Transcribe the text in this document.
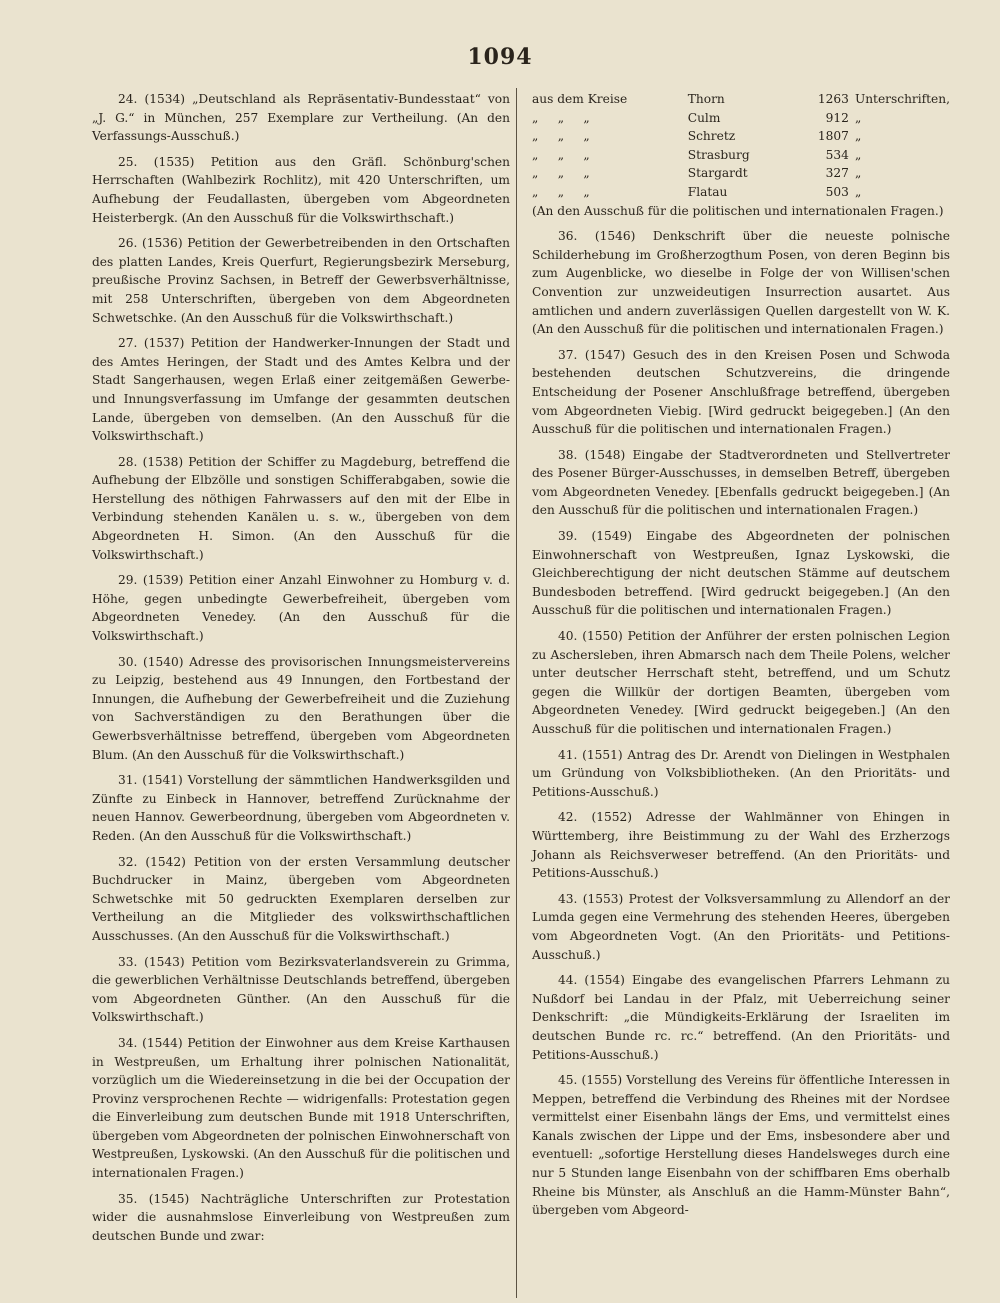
1094

24. (1534) „Deutschland als Repräsentativ-Bundesstaat“ von „J. G.“ in München, 257 Exemplare zur Vertheilung. (An den Verfassungs-Ausschuß.)

25. (1535) Petition aus den Gräfl. Schönburg'schen Herrschaften (Wahlbezirk Rochlitz), mit 420 Unterschriften, um Aufhebung der Feudallasten, übergeben vom Abgeordneten Heisterbergk. (An den Ausschuß für die Volkswirthschaft.)

26. (1536) Petition der Gewerbetreibenden in den Ortschaften des platten Landes, Kreis Querfurt, Regierungsbezirk Merseburg, preußische Provinz Sachsen, in Betreff der Gewerbsverhältnisse, mit 258 Unterschriften, übergeben von dem Abgeordneten Schwetschke. (An den Ausschuß für die Volkswirthschaft.)

27. (1537) Petition der Handwerker-Innungen der Stadt und des Amtes Heringen, der Stadt und des Amtes Kelbra und der Stadt Sangerhausen, wegen Erlaß einer zeitgemäßen Gewerbe- und Innungsverfassung im Umfange der gesammten deutschen Lande, übergeben von demselben. (An den Ausschuß für die Volkswirthschaft.)

28. (1538) Petition der Schiffer zu Magdeburg, betreffend die Aufhebung der Elbzölle und sonstigen Schifferabgaben, sowie die Herstellung des nöthigen Fahrwassers auf den mit der Elbe in Verbindung stehenden Kanälen u. s. w., übergeben von dem Abgeordneten H. Simon. (An den Ausschuß für die Volkswirthschaft.)

29. (1539) Petition einer Anzahl Einwohner zu Homburg v. d. Höhe, gegen unbedingte Gewerbefreiheit, übergeben vom Abgeordneten Venedey. (An den Ausschuß für die Volkswirthschaft.)

30. (1540) Adresse des provisorischen Innungsmeistervereins zu Leipzig, bestehend aus 49 Innungen, den Fortbestand der Innungen, die Aufhebung der Gewerbefreiheit und die Zuziehung von Sachverständigen zu den Berathungen über die Gewerbsverhältnisse betreffend, übergeben vom Abgeordneten Blum. (An den Ausschuß für die Volkswirthschaft.)

31. (1541) Vorstellung der sämmtlichen Handwerksgilden und Zünfte zu Einbeck in Hannover, betreffend Zurücknahme der neuen Hannov. Gewerbeordnung, übergeben vom Abgeordneten v. Reden. (An den Ausschuß für die Volkswirthschaft.)

32. (1542) Petition von der ersten Versammlung deutscher Buchdrucker in Mainz, übergeben vom Abgeordneten Schwetschke mit 50 gedruckten Exemplaren derselben zur Vertheilung an die Mitglieder des volkswirthschaftlichen Ausschusses. (An den Ausschuß für die Volkswirthschaft.)

33. (1543) Petition vom Bezirksvaterlandsverein zu Grimma, die gewerblichen Verhältnisse Deutschlands betreffend, übergeben vom Abgeordneten Günther. (An den Ausschuß für die Volkswirthschaft.)

34. (1544) Petition der Einwohner aus dem Kreise Karthausen in Westpreußen, um Erhaltung ihrer polnischen Nationalität, vorzüglich um die Wiedereinsetzung in die bei der Occupation der Provinz versprochenen Rechte — widrigenfalls: Protestation gegen die Einverleibung zum deutschen Bunde mit 1918 Unterschriften, übergeben vom Abgeordneten der polnischen Einwohnerschaft von Westpreußen, Lyskowski. (An den Ausschuß für die politischen und internationalen Fragen.)

35. (1545) Nachträgliche Unterschriften zur Protestation wider die ausnahmslose Einverleibung von Westpreußen zum deutschen Bunde und zwar:

aus dem Kreise	Thorn	1263	Unterschriften,
„ „ „	Culm	912	„
„ „ „	Schretz	1807	„
„ „ „	Strasburg	534	„
„ „ „	Stargardt	327	„
„ „ „	Flatau	503	„

(An den Ausschuß für die politischen und internationalen Fragen.)

36. (1546) Denkschrift über die neueste polnische Schilderhebung im Großherzogthum Posen, von deren Beginn bis zum Augenblicke, wo dieselbe in Folge der von Willisen'schen Convention zur unzweideutigen Insurrection ausartet. Aus amtlichen und andern zuverlässigen Quellen dargestellt von W. K. (An den Ausschuß für die politischen und internationalen Fragen.)

37. (1547) Gesuch des in den Kreisen Posen und Schwoda bestehenden deutschen Schutzvereins, die dringende Entscheidung der Posener Anschlußfrage betreffend, übergeben vom Abgeordneten Viebig. [Wird gedruckt beigegeben.] (An den Ausschuß für die politischen und internationalen Fragen.)

38. (1548) Eingabe der Stadtverordneten und Stellvertreter des Posener Bürger-Ausschusses, in demselben Betreff, übergeben vom Abgeordneten Venedey. [Ebenfalls gedruckt beigegeben.] (An den Ausschuß für die politischen und internationalen Fragen.)

39. (1549) Eingabe des Abgeordneten der polnischen Einwohnerschaft von Westpreußen, Ignaz Lyskowski, die Gleichberechtigung der nicht deutschen Stämme auf deutschem Bundesboden betreffend. [Wird gedruckt beigegeben.] (An den Ausschuß für die politischen und internationalen Fragen.)

40. (1550) Petition der Anführer der ersten polnischen Legion zu Aschersleben, ihren Abmarsch nach dem Theile Polens, welcher unter deutscher Herrschaft steht, betreffend, und um Schutz gegen die Willkür der dortigen Beamten, übergeben vom Abgeordneten Venedey. [Wird gedruckt beigegeben.] (An den Ausschuß für die politischen und internationalen Fragen.)

41. (1551) Antrag des Dr. Arendt von Dielingen in Westphalen um Gründung von Volksbibliotheken. (An den Prioritäts- und Petitions-Ausschuß.)

42. (1552) Adresse der Wahlmänner von Ehingen in Württemberg, ihre Beistimmung zu der Wahl des Erzherzogs Johann als Reichsverweser betreffend. (An den Prioritäts- und Petitions-Ausschuß.)

43. (1553) Protest der Volksversammlung zu Allendorf an der Lumda gegen eine Vermehrung des stehenden Heeres, übergeben vom Abgeordneten Vogt. (An den Prioritäts- und Petitions-Ausschuß.)

44. (1554) Eingabe des evangelischen Pfarrers Lehmann zu Nußdorf bei Landau in der Pfalz, mit Ueberreichung seiner Denkschrift: „die Mündigkeits-Erklärung der Israeliten im deutschen Bunde rc. rc.“ betreffend. (An den Prioritäts- und Petitions-Ausschuß.)

45. (1555) Vorstellung des Vereins für öffentliche Interessen in Meppen, betreffend die Verbindung des Rheines mit der Nordsee vermittelst einer Eisenbahn längs der Ems, und vermittelst eines Kanals zwischen der Lippe und der Ems, insbesondere aber und eventuell: „sofortige Herstellung dieses Handelsweges durch eine nur 5 Stunden lange Eisenbahn von der schiffbaren Ems oberhalb Rheine bis Münster, als Anschluß an die Hamm-Münster Bahn“, übergeben vom Abgeord-
